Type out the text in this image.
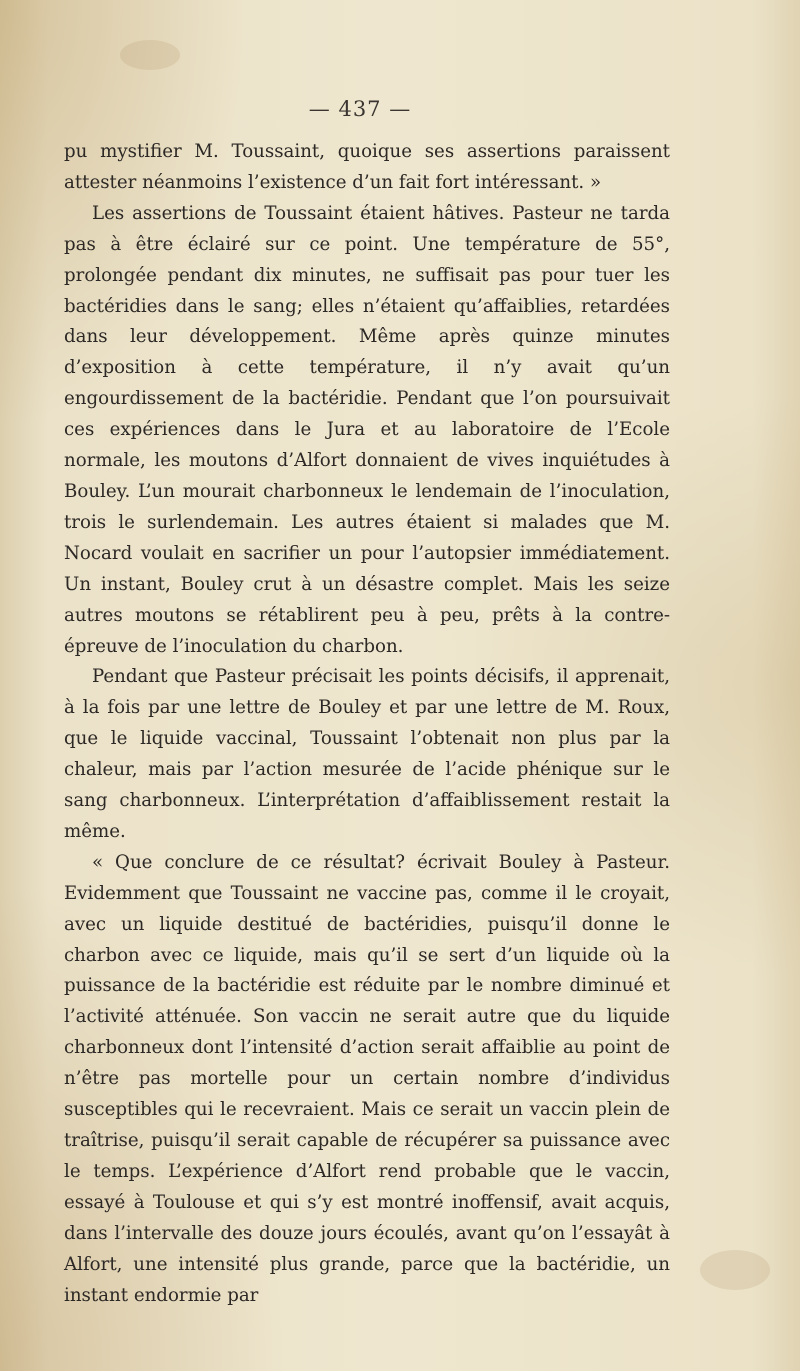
— 437 —

pu mystifier M. Toussaint, quoique ses assertions paraissent attester néanmoins l’existence d’un fait fort intéressant. »

Les assertions de Toussaint étaient hâtives. Pasteur ne tarda pas à être éclairé sur ce point. Une température de 55°, prolongée pendant dix minutes, ne suffisait pas pour tuer les bactéridies dans le sang; elles n’étaient qu’affaiblies, retardées dans leur développement. Même après quinze minutes d’exposition à cette température, il n’y avait qu’un engourdissement de la bactéridie. Pendant que l’on poursuivait ces expériences dans le Jura et au laboratoire de l’Ecole normale, les moutons d’Alfort donnaient de vives inquiétudes à Bouley. L’un mourait charbonneux le lendemain de l’inoculation, trois le surlendemain. Les autres étaient si malades que M. Nocard voulait en sacrifier un pour l’autopsier immédiatement. Un instant, Bouley crut à un désastre complet. Mais les seize autres moutons se rétablirent peu à peu, prêts à la contre-épreuve de l’inoculation du charbon.

Pendant que Pasteur précisait les points décisifs, il apprenait, à la fois par une lettre de Bouley et par une lettre de M. Roux, que le liquide vaccinal, Toussaint l’obtenait non plus par la chaleur, mais par l’action mesurée de l’acide phénique sur le sang charbonneux. L’interprétation d’affaiblissement restait la même.

« Que conclure de ce résultat? écrivait Bouley à Pasteur. Evidemment que Toussaint ne vaccine pas, comme il le croyait, avec un liquide destitué de bactéridies, puisqu’il donne le charbon avec ce liquide, mais qu’il se sert d’un liquide où la puissance de la bactéridie est réduite par le nombre diminué et l’activité atténuée. Son vaccin ne serait autre que du liquide charbonneux dont l’intensité d’action serait affaiblie au point de n’être pas mortelle pour un certain nombre d’individus susceptibles qui le recevraient. Mais ce serait un vaccin plein de traîtrise, puisqu’il serait capable de récupérer sa puissance avec le temps. L’expérience d’Alfort rend probable que le vaccin, essayé à Toulouse et qui s’y est montré inoffensif, avait acquis, dans l’intervalle des douze jours écoulés, avant qu’on l’essayât à Alfort, une intensité plus grande, parce que la bactéridie, un instant endormie par
